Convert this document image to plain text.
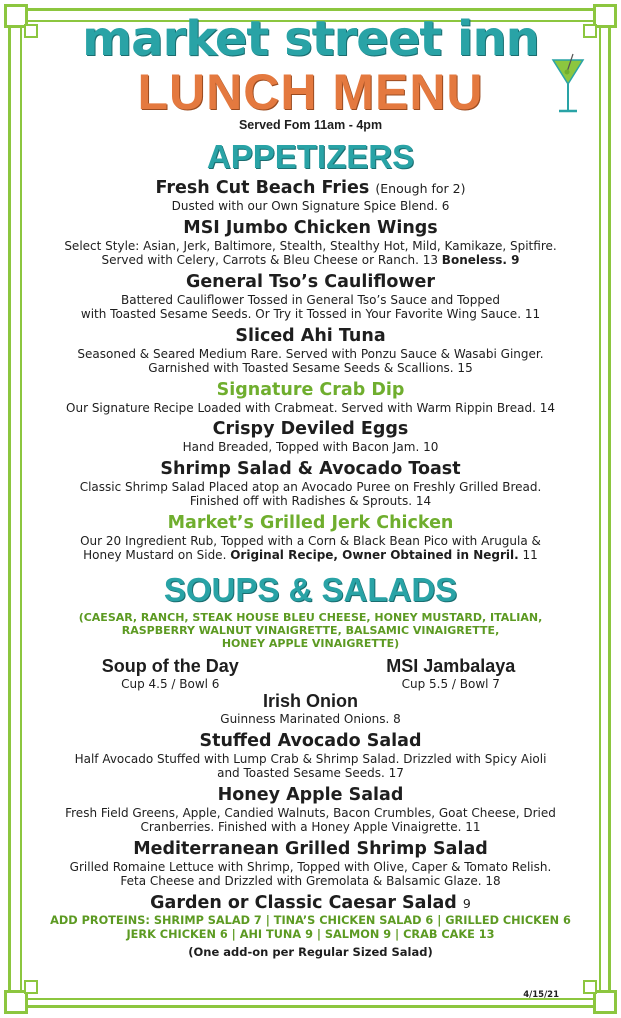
market street inn

LUNCH MENU

Served Fom 11am - 4pm

APPETIZERS

Fresh Cut Beach Fries (Enough for 2)

Dusted with our Own Signature Spice Blend. 6

MSI Jumbo Chicken Wings

Select Style: Asian, Jerk, Baltimore, Stealth, Stealthy Hot, Mild, Kamikaze, Spitfire.
Served with Celery, Carrots & Bleu Cheese or Ranch. 13 Boneless. 9

General Tso’s Cauliflower

Battered Cauliflower Tossed in General Tso’s Sauce and Topped
with Toasted Sesame Seeds. Or Try it Tossed in Your Favorite Wing Sauce. 11

Sliced Ahi Tuna

Seasoned & Seared Medium Rare. Served with Ponzu Sauce & Wasabi Ginger.
Garnished with Toasted Sesame Seeds & Scallions. 15

Signature Crab Dip

Our Signature Recipe Loaded with Crabmeat. Served with Warm Rippin Bread. 14

Crispy Deviled Eggs

Hand Breaded, Topped with Bacon Jam. 10

Shrimp Salad & Avocado Toast

Classic Shrimp Salad Placed atop an Avocado Puree on Freshly Grilled Bread.
Finished off with Radishes & Sprouts. 14

Market’s Grilled Jerk Chicken

Our 20 Ingredient Rub, Topped with a Corn & Black Bean Pico with Arugula &
Honey Mustard on Side. Original Recipe, Owner Obtained in Negril. 11

SOUPS & SALADS

(CAESAR, RANCH, STEAK HOUSE BLEU CHEESE, HONEY MUSTARD, ITALIAN,
RASPBERRY WALNUT VINAIGRETTE, BALSAMIC VINAIGRETTE,
HONEY APPLE VINAIGRETTE)

Soup of the Day

Cup 4.5 / Bowl 6

MSI Jambalaya

Cup 5.5 / Bowl 7

Irish Onion

Guinness Marinated Onions. 8

Stuffed Avocado Salad

Half Avocado Stuffed with Lump Crab & Shrimp Salad. Drizzled with Spicy Aioli
and Toasted Sesame Seeds. 17

Honey Apple Salad

Fresh Field Greens, Apple, Candied Walnuts, Bacon Crumbles, Goat Cheese, Dried
Cranberries. Finished with a Honey Apple Vinaigrette. 11

Mediterranean Grilled Shrimp Salad

Grilled Romaine Lettuce with Shrimp, Topped with Olive, Caper & Tomato Relish.
Feta Cheese and Drizzled with Gremolata & Balsamic Glaze. 18

Garden or Classic Caesar Salad 9

ADD PROTEINS: SHRIMP SALAD 7 | TINA’S CHICKEN SALAD 6 | GRILLED CHICKEN 6
JERK CHICKEN 6 | AHI TUNA 9 | SALMON 9 | CRAB CAKE 13

(One add-on per Regular Sized Salad)

4/15/21
